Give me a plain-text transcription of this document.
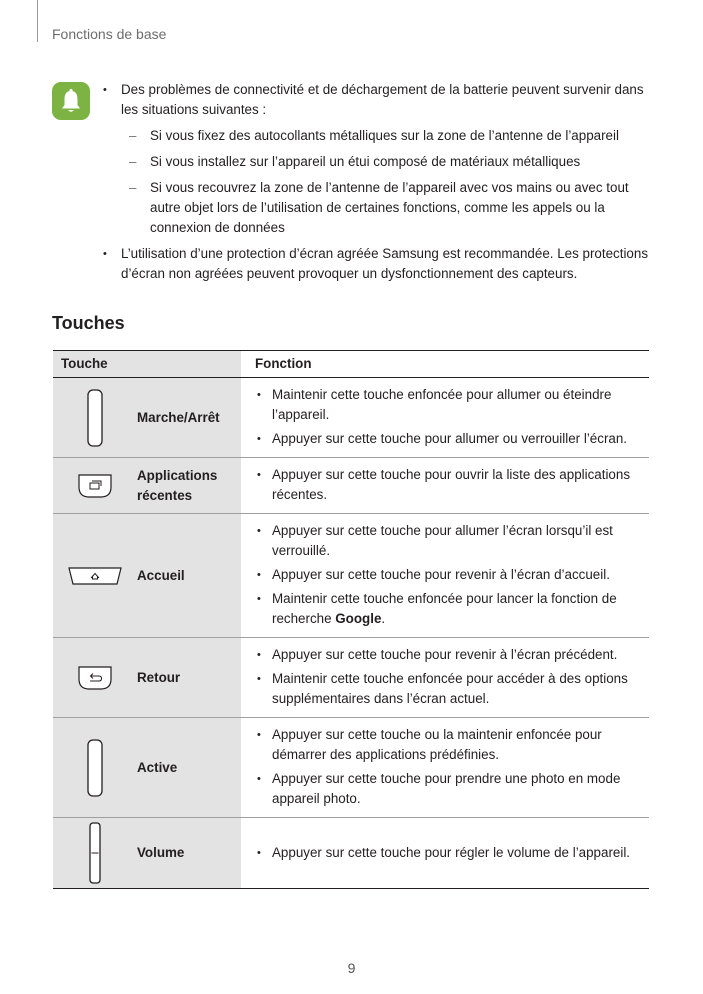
Fonctions de base
• Des problèmes de connectivité et de déchargement de la batterie peuvent survenir dans les situations suivantes :
– Si vous fixez des autocollants métalliques sur la zone de l’antenne de l’appareil
– Si vous installez sur l’appareil un étui composé de matériaux métalliques
– Si vous recouvrez la zone de l’antenne de l’appareil avec vos mains ou avec tout autre objet lors de l’utilisation de certaines fonctions, comme les appels ou la connexion de données
• L’utilisation d’une protection d’écran agréée Samsung est recommandée. Les protections d’écran non agréées peuvent provoquer un dysfonctionnement des capteurs.
Touches
Touche		Fonction
	Marche/Arrêt	• Maintenir cette touche enfoncée pour allumer ou éteindre l’appareil.
• Appuyer sur cette touche pour allumer ou verrouiller l’écran.

	Applications récentes	• Appuyer sur cette touche pour ouvrir la liste des applications récentes.

	Accueil	• Appuyer sur cette touche pour allumer l’écran lorsqu’il est verrouillé.
• Appuyer sur cette touche pour revenir à l’écran d’accueil.
• Maintenir cette touche enfoncée pour lancer la fonction de recherche Google.

	Retour	• Appuyer sur cette touche pour revenir à l’écran précédent.
• Maintenir cette touche enfoncée pour accéder à des options supplémentaires dans l’écran actuel.

	Active	• Appuyer sur cette touche ou la maintenir enfoncée pour démarrer des applications prédéfinies.
• Appuyer sur cette touche pour prendre une photo en mode appareil photo.

	Volume	• Appuyer sur cette touche pour régler le volume de l’appareil.
9
